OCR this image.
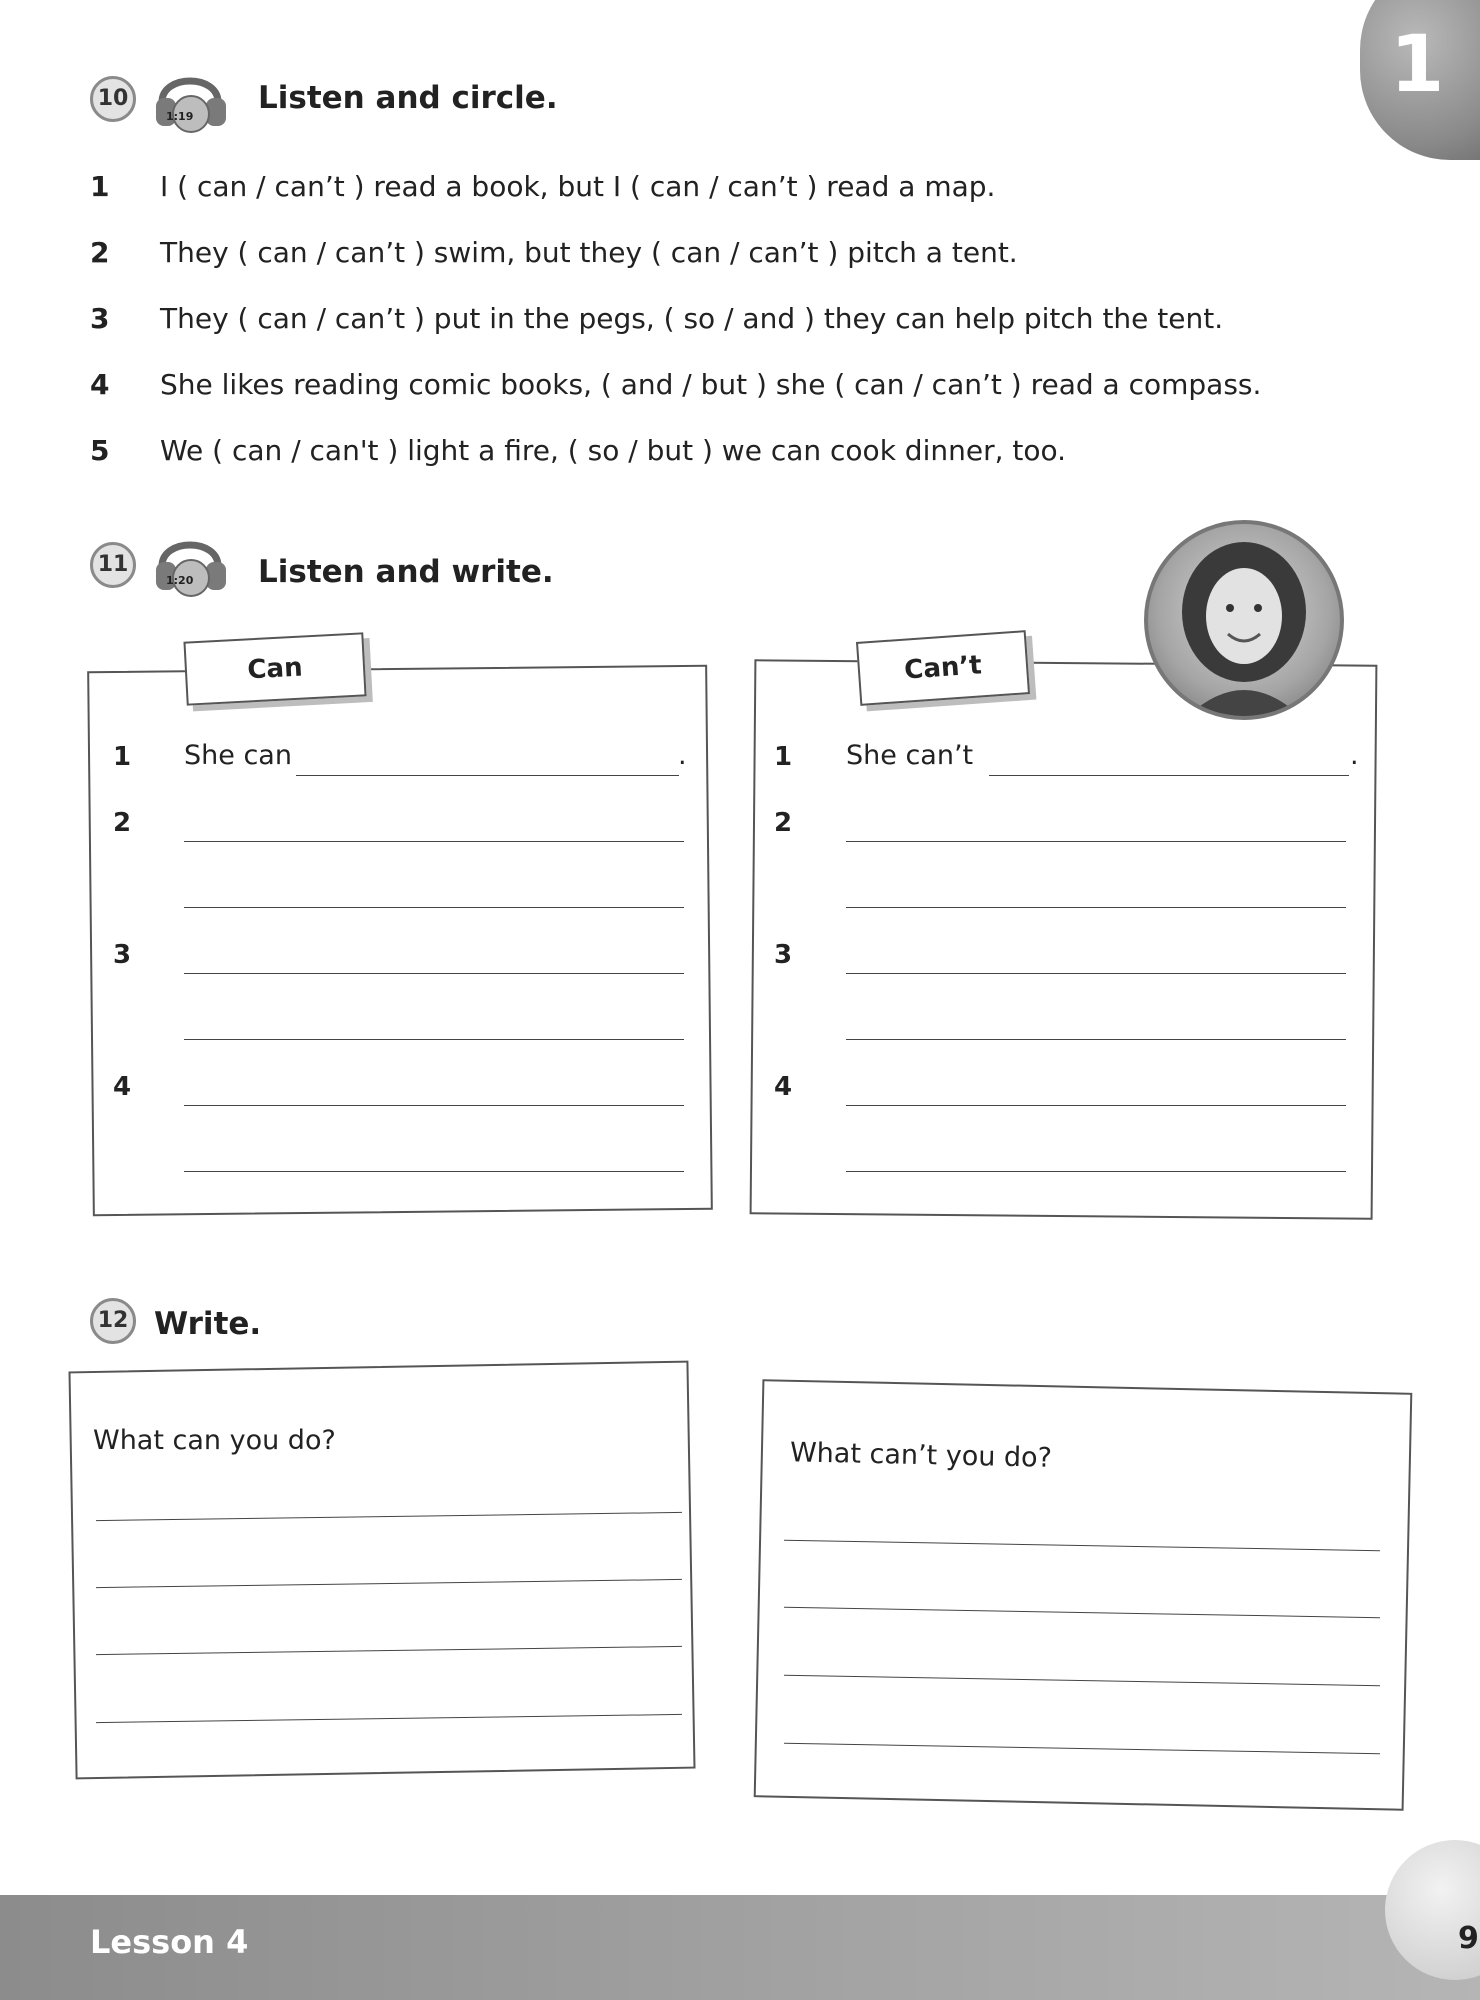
1
10
1:19
Listen and circle.
1 I ( can / can’t ) read a book, but I ( can / can’t ) read a map.
2 They ( can / can’t ) swim, but they ( can / can’t ) pitch a tent.
3 They ( can / can’t ) put in the pegs, ( so / and ) they can help pitch the tent.
4 She likes reading comic books, ( and / but ) she ( can / can’t ) read a compass.
5 We ( can / can't ) light a fire, ( so / but ) we can cook dinner, too.
11
1:20 Listen and write.
Can
1 She can	.
2
3
4
Can’t
1 She can’t	.
2
3
4
12 Write.
What can you do?	What can’t you do?
Lesson 4	9
